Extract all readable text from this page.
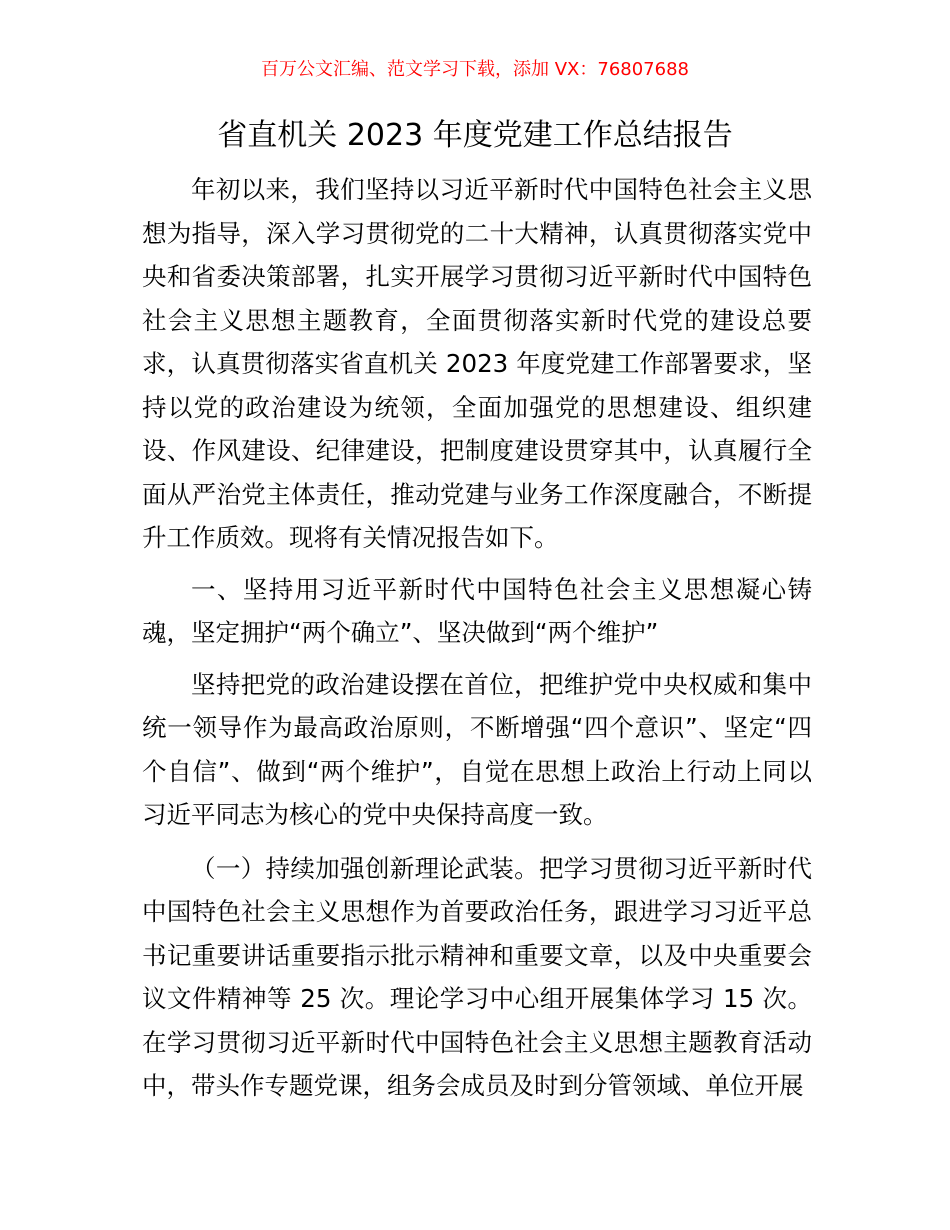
百万公文汇编、范文学习下载，添加 VX：76807688
省直机关 2023 年度党建工作总结报告

年初以来，我们坚持以习近平新时代中国特色社会主义思想为指导，深入学习贯彻党的二十大精神，认真贯彻落实党中央和省委决策部署，扎实开展学习贯彻习近平新时代中国特色社会主义思想主题教育，全面贯彻落实新时代党的建设总要求，认真贯彻落实省直机关 2023 年度党建工作部署要求，坚持以党的政治建设为统领，全面加强党的思想建设、组织建设、作风建设、纪律建设，把制度建设贯穿其中，认真履行全面从严治党主体责任，推动党建与业务工作深度融合，不断提升工作质效。现将有关情况报告如下。

一、坚持用习近平新时代中国特色社会主义思想凝心铸魂，坚定拥护“两个确立”、坚决做到“两个维护”

坚持把党的政治建设摆在首位，把维护党中央权威和集中统一领导作为最高政治原则，不断增强“四个意识”、坚定“四个自信”、做到“两个维护”，自觉在思想上政治上行动上同以习近平同志为核心的党中央保持高度一致。

（一）持续加强创新理论武装。把学习贯彻习近平新时代中国特色社会主义思想作为首要政治任务，跟进学习习近平总书记重要讲话重要指示批示精神和重要文章，以及中央重要会议文件精神等 25 次。理论学习中心组开展集体学习 15 次。在学习贯彻习近平新时代中国特色社会主义思想主题教育活动中，带头作专题党课，组务会成员及时到分管领域、单位开展
